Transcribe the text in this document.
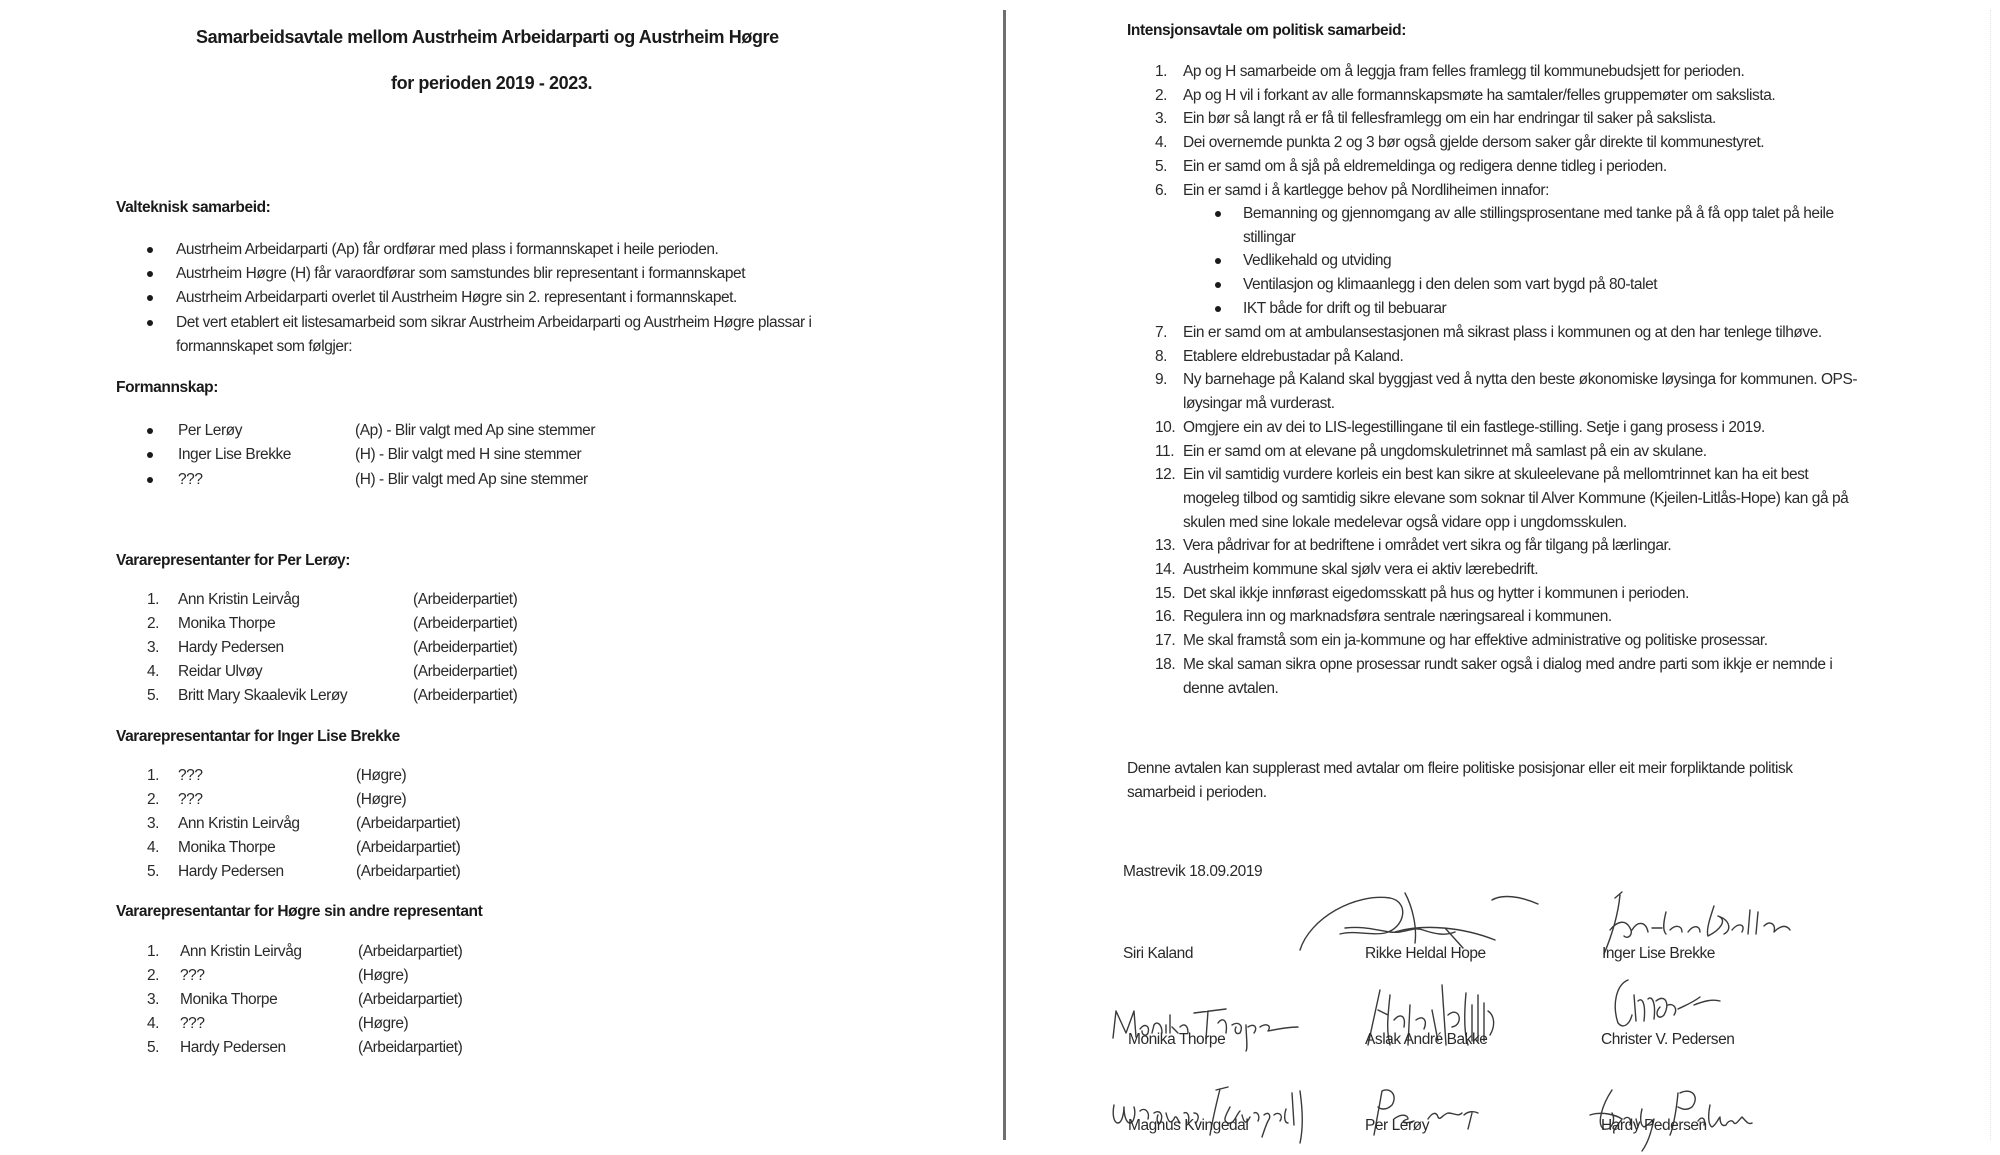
Samarbeidsavtale mellom Austrheim Arbeidarparti og Austrheim Høgre
for perioden 2019 - 2023.
Valteknisk samarbeid:
Austrheim Arbeidarparti (Ap) får ordførar med plass i formannskapet i heile perioden.
Austrheim Høgre (H) får varaordførar som samstundes blir representant i formannskapet
Austrheim Arbeidarparti overlet til Austrheim Høgre sin 2. representant i formannskapet.
Det vert etablert eit listesamarbeid som sikrar Austrheim Arbeidarparti og Austrheim Høgre plassar i
formannskapet som følgjer:
Formannskap:
Per Lerøy	(Ap) - Blir valgt med Ap sine stemmer
Inger Lise Brekke	(H) - Blir valgt med H sine stemmer
???	(H) - Blir valgt med Ap sine stemmer
Vararepresentanter for Per Lerøy:
1. Ann Kristin Leirvåg	(Arbeiderpartiet)
2. Monika Thorpe	(Arbeiderpartiet)
3. Hardy Pedersen	(Arbeiderpartiet)
4. Reidar Ulvøy	(Arbeiderpartiet)
5. Britt Mary Skaalevik Lerøy	(Arbeiderpartiet)
Vararepresentantar for Inger Lise Brekke
1. ???	(Høgre)
2. ???	(Høgre)
3. Ann Kristin Leirvåg	(Arbeidarpartiet)
4. Monika Thorpe	(Arbeidarpartiet)
5. Hardy Pedersen	(Arbeidarpartiet)
Vararepresentantar for Høgre sin andre representant
1. Ann Kristin Leirvåg	(Arbeidarpartiet)
2. ???	(Høgre)
3. Monika Thorpe	(Arbeidarpartiet)
4. ???	(Høgre)
5. Hardy Pedersen	(Arbeidarpartiet)
Intensjonsavtale om politisk samarbeid:
1. Ap og H samarbeide om å leggja fram felles framlegg til kommunebudsjett for perioden.
2. Ap og H vil i forkant av alle formannskapsmøte ha samtaler/felles gruppemøter om sakslista.
3. Ein bør så langt rå er få til fellesframlegg om ein har endringar til saker på sakslista.
4. Dei overnemde punkta 2 og 3 bør også gjelde dersom saker går direkte til kommunestyret.
5. Ein er samd om å sjå på eldremeldinga og redigera denne tidleg i perioden.
6. Ein er samd i å kartlegge behov på Nordliheimen innafor:
Bemanning og gjennomgang av alle stillingsprosentane med tanke på å få opp talet på heile
stillingar
Vedlikehald og utviding
Ventilasjon og klimaanlegg i den delen som vart bygd på 80-talet
IKT både for drift og til bebuarar
7. Ein er samd om at ambulansestasjonen må sikrast plass i kommunen og at den har tenlege tilhøve.
8. Etablere eldrebustadar på Kaland.
9. Ny barnehage på Kaland skal byggjast ved å nytta den beste økonomiske løysinga for kommunen. OPS-
løysingar må vurderast.
10. Omgjere ein av dei to LIS-legestillingane til ein fastlege-stilling. Setje i gang prosess i 2019.
11. Ein er samd om at elevane på ungdomskuletrinnet må samlast på ein av skulane.
12. Ein vil samtidig vurdere korleis ein best kan sikre at skuleelevane på mellomtrinnet kan ha eit best
mogeleg tilbod og samtidig sikre elevane som soknar til Alver Kommune (Kjeilen-Litlås-Hope) kan gå på
skulen med sine lokale medelevar også vidare opp i ungdomsskulen.
13. Vera pådrivar for at bedriftene i området vert sikra og får tilgang på lærlingar.
14. Austrheim kommune skal sjølv vera ei aktiv lærebedrift.
15. Det skal ikkje innførast eigedomsskatt på hus og hytter i kommunen i perioden.
16. Regulera inn og marknadsføra sentrale næringsareal i kommunen.
17. Me skal framstå som ein ja-kommune og har effektive administrative og politiske prosessar.
18. Me skal saman sikra opne prosessar rundt saker også i dialog med andre parti som ikkje er nemnde i
denne avtalen.
Denne avtalen kan supplerast med avtalar om fleire politiske posisjonar eller eit meir forpliktande politisk
samarbeid i perioden.
Mastrevik 18.09.2019
Siri Kaland	Rikke Heldal Hope	Inger Lise Brekke
Monika Thorpe	Aslak André Bakke	Christer V. Pedersen
Magnus Kvingedal	Per Lerøy	Hardy Pedersen
